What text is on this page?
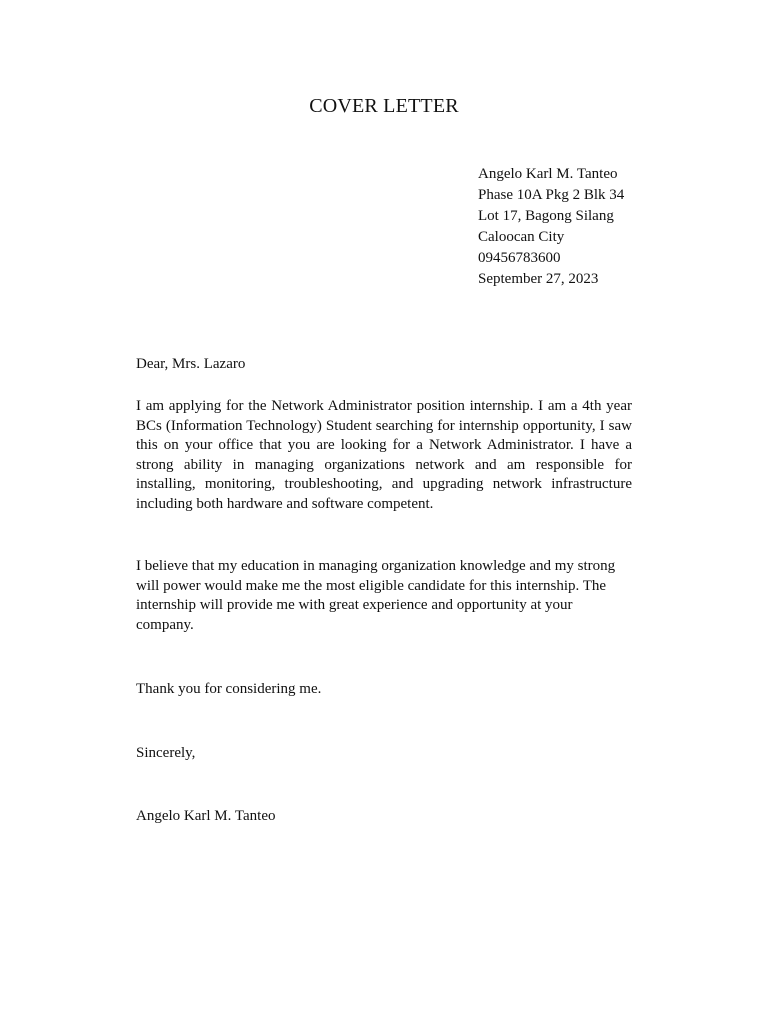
COVER LETTER
Angelo Karl M. Tanteo
Phase 10A Pkg 2 Blk 34
Lot 17, Bagong Silang
Caloocan City
09456783600
September 27, 2023
Dear, Mrs. Lazaro

I am applying for the Network Administrator position internship. I am a 4th year BCs (Information Technology) Student searching for internship opportunity, I saw this on your office that you are looking for a Network Administrator. I have a strong ability in managing organizations network and am responsible for installing, monitoring, troubleshooting, and upgrading network infrastructure including both hardware and software competent.

I believe that my education in managing organization knowledge and my strong will power would make me the most eligible candidate for this internship. The internship will provide me with great experience and opportunity at your company.

Thank you for considering me.
Sincerely,
Angelo Karl M. Tanteo
